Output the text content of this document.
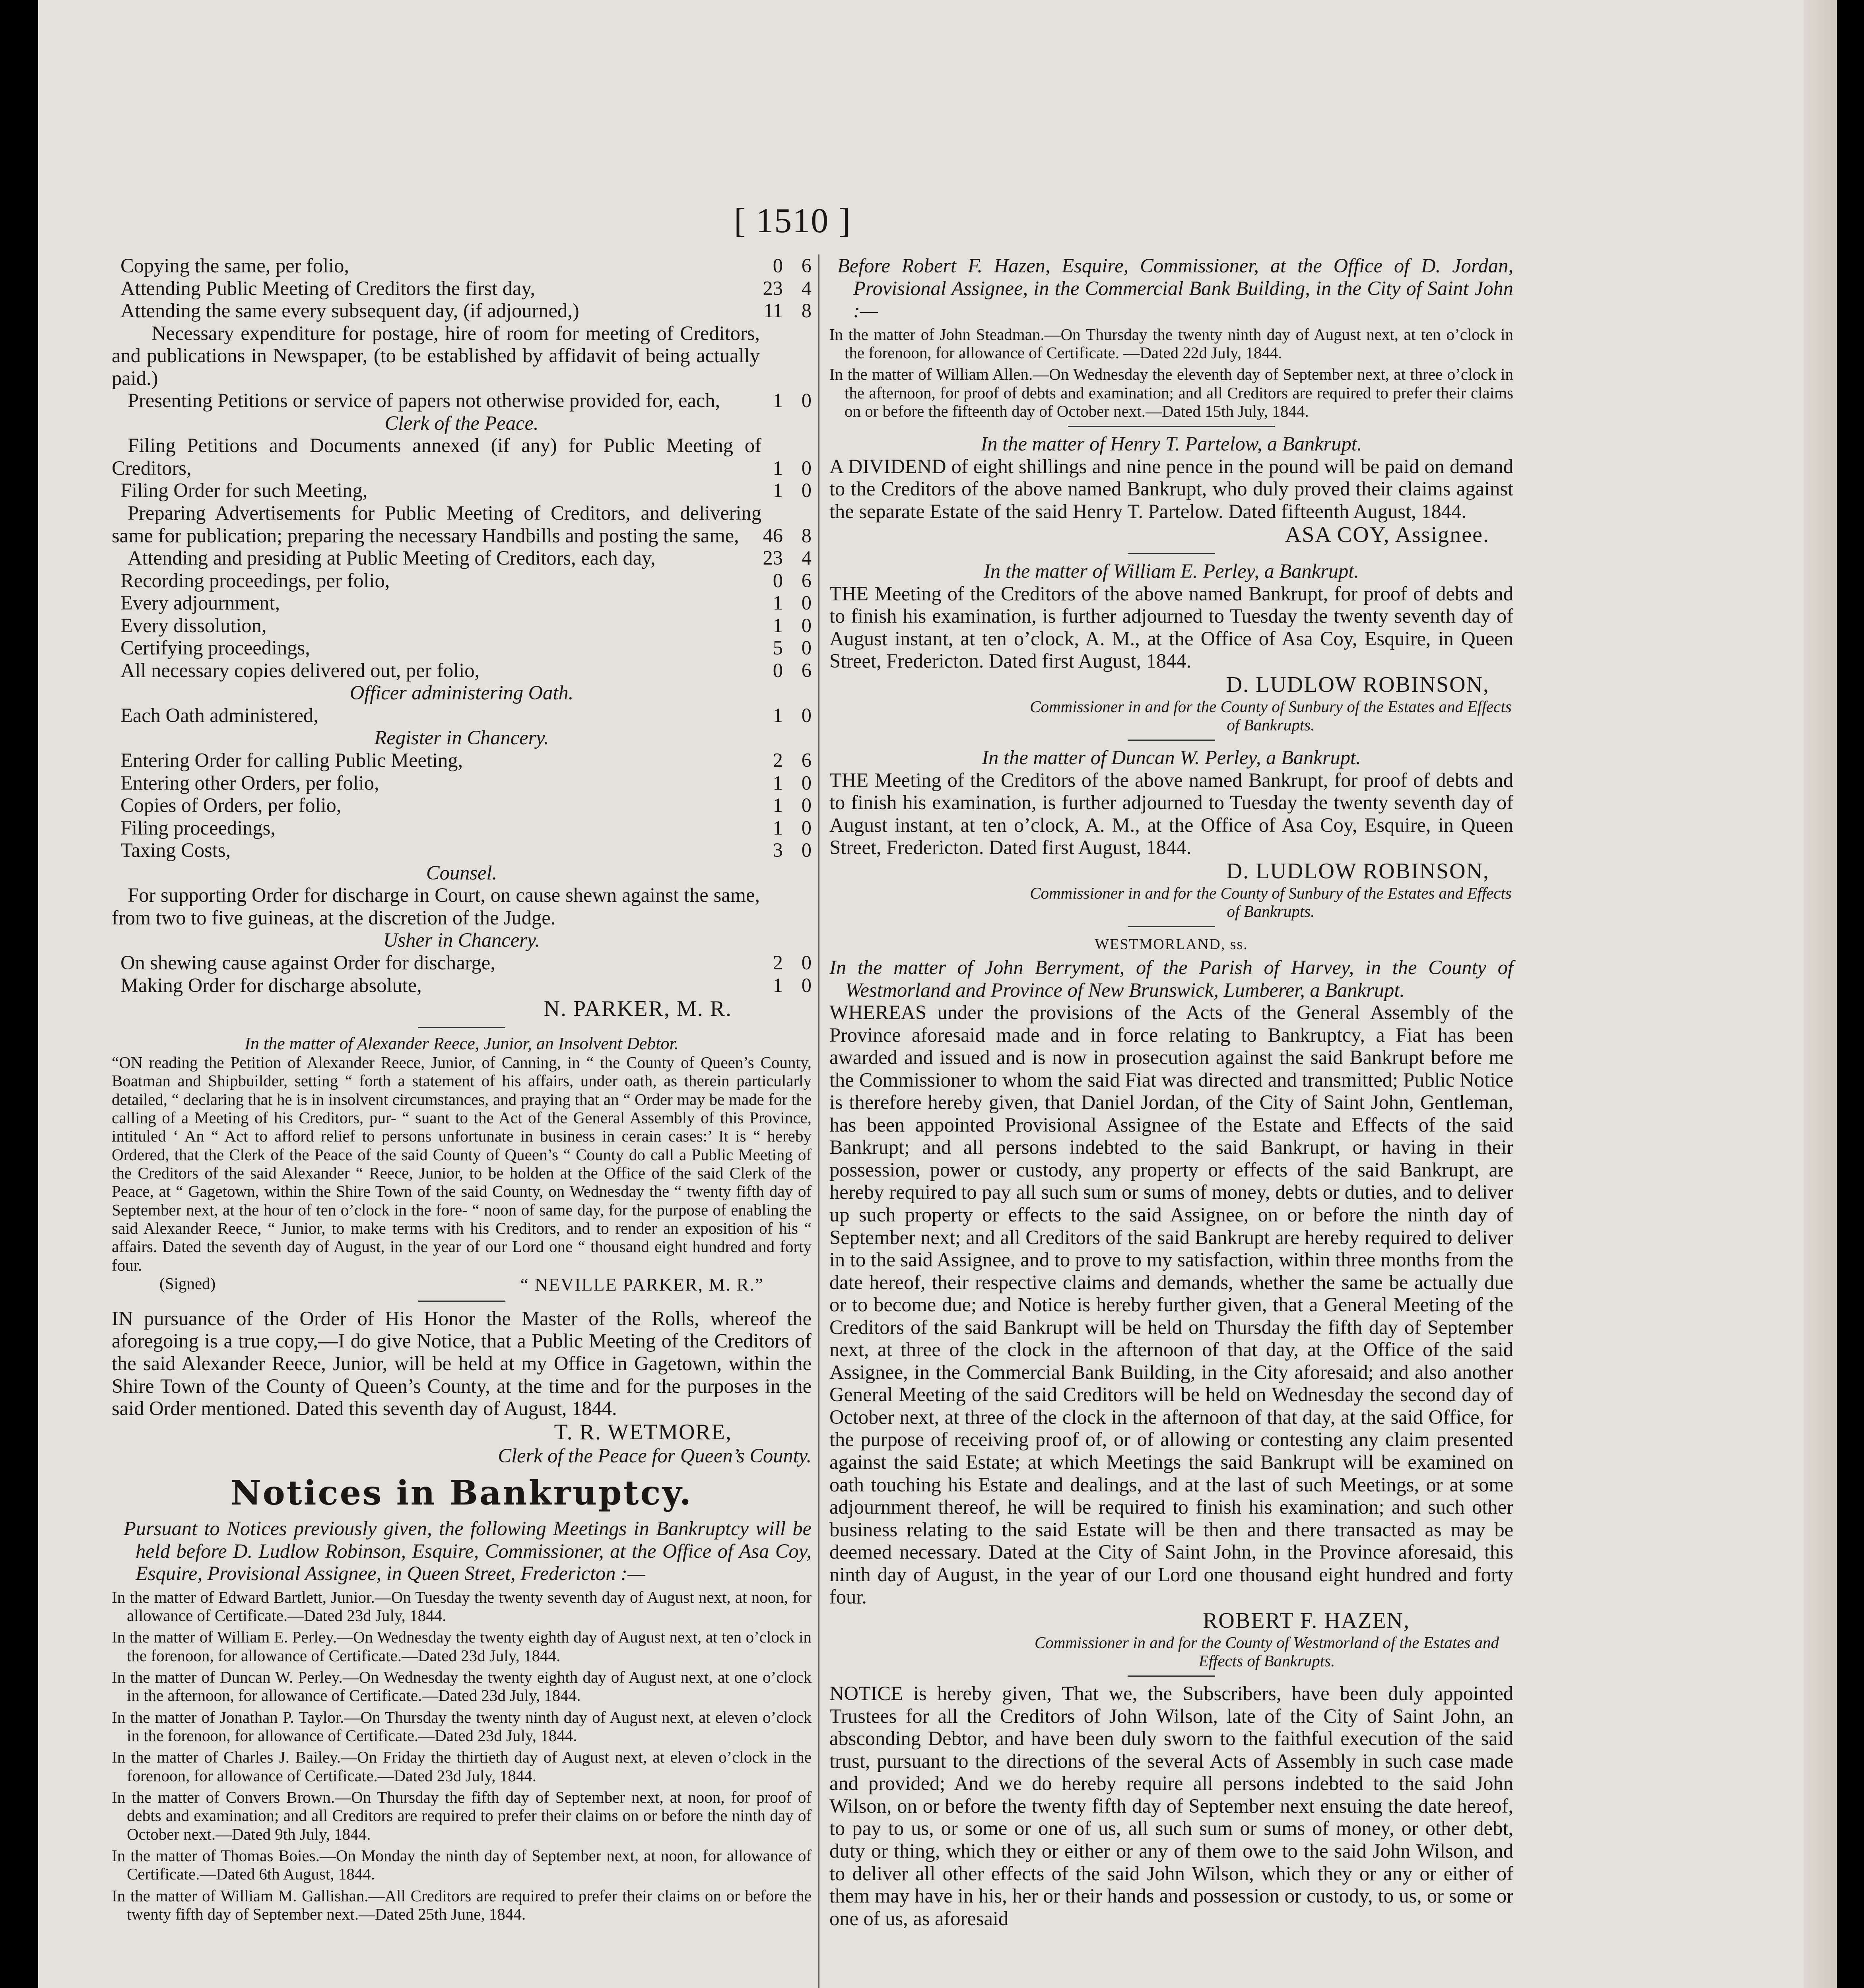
[ 1510 ]
Copying the same, per folio,	0 6
Attending Public Meeting of Creditors the first day,	23 4
Attending the same every subsequent day, (if adjourned,)	11 8
Necessary expenditure for postage, hire of room for meeting of Creditors, and publications in Newspaper, (to be established by affidavit of being actually paid.)
Presenting Petitions or service of papers not otherwise provided for, each,	1 0
Clerk of the Peace.
Filing Petitions and Documents annexed (if any) for Public Meeting of Creditors,	1 0
Filing Order for such Meeting,	1 0
Preparing Advertisements for Public Meeting of Creditors, and delivering same for publication; preparing the necessary Handbills and posting the same,	46 8
Attending and presiding at Public Meeting of Creditors, each day,	23 4
Recording proceedings, per folio,	0 6
Every adjournment,	1 0
Every dissolution,	1 0
Certifying proceedings,	5 0
All necessary copies delivered out, per folio,	0 6
Officer administering Oath.
Each Oath administered,	1 0
Register in Chancery.
Entering Order for calling Public Meeting,	2 6
Entering other Orders, per folio,	1 0
Copies of Orders, per folio,	1 0
Filing proceedings,	1 0
Taxing Costs,	3 0
Counsel.
For supporting Order for discharge in Court, on cause shewn against the same, from two to five guineas, at the discretion of the Judge.
Usher in Chancery.
On shewing cause against Order for discharge,	2 0
Making Order for discharge absolute,	1 0
N. PARKER, M. R.
In the matter of Alexander Reece, Junior, an Insolvent Debtor.
“ON reading the Petition of Alexander Reece, Junior, of Canning, in “ the County of Queen’s County, Boatman and Shipbuilder, setting “ forth a statement of his affairs, under oath, as therein particularly detailed, “ declaring that he is in insolvent circumstances, and praying that an “ Order may be made for the calling of a Meeting of his Creditors, pur- “ suant to the Act of the General Assembly of this Province, intituled ‘ An “ Act to afford relief to persons unfortunate in business in cerain cases:’ It is “ hereby Ordered, that the Clerk of the Peace of the said County of Queen’s “ County do call a Public Meeting of the Creditors of the said Alexander “ Reece, Junior, to be holden at the Office of the said Clerk of the Peace, at “ Gagetown, within the Shire Town of the said County, on Wednesday the “ twenty fifth day of September next, at the hour of ten o’clock in the fore- “ noon of same day, for the purpose of enabling the said Alexander Reece, “ Junior, to make terms with his Creditors, and to render an exposition of his “ affairs. Dated the seventh day of August, in the year of our Lord one “ thousand eight hundred and forty four.
(Signed)	“ NEVILLE PARKER, M. R.”
IN pursuance of the Order of His Honor the Master of the Rolls, whereof the aforegoing is a true copy,—I do give Notice, that a Public Meeting of the Creditors of the said Alexander Reece, Junior, will be held at my Office in Gagetown, within the Shire Town of the County of Queen’s County, at the time and for the purposes in the said Order mentioned. Dated this seventh day of August, 1844.
T. R. WETMORE,
Clerk of the Peace for Queen’s County.
Notices in Bankruptcy.
Pursuant to Notices previously given, the following Meetings in Bankruptcy will be held before D. Ludlow Robinson, Esquire, Commissioner, at the Office of Asa Coy, Esquire, Provisional Assignee, in Queen Street, Fredericton :—
In the matter of Edward Bartlett, Junior.—On Tuesday the twenty seventh day of August next, at noon, for allowance of Certificate.—Dated 23d July, 1844.
In the matter of William E. Perley.—On Wednesday the twenty eighth day of August next, at ten o’clock in the forenoon, for allowance of Certificate.—Dated 23d July, 1844.
In the matter of Duncan W. Perley.—On Wednesday the twenty eighth day of August next, at one o’clock in the afternoon, for allowance of Certificate.—Dated 23d July, 1844.
In the matter of Jonathan P. Taylor.—On Thursday the twenty ninth day of August next, at eleven o’clock in the forenoon, for allowance of Certificate.—Dated 23d July, 1844.
In the matter of Charles J. Bailey.—On Friday the thirtieth day of August next, at eleven o’clock in the forenoon, for allowance of Certificate.—Dated 23d July, 1844.
In the matter of Convers Brown.—On Thursday the fifth day of September next, at noon, for proof of debts and examination; and all Creditors are required to prefer their claims on or before the ninth day of October next.—Dated 9th July, 1844.
In the matter of Thomas Boies.—On Monday the ninth day of September next, at noon, for allowance of Certificate.—Dated 6th August, 1844.
In the matter of William M. Gallishan.—All Creditors are required to prefer their claims on or before the twenty fifth day of September next.—Dated 25th June, 1844.
Before Robert F. Hazen, Esquire, Commissioner, at the Office of D. Jordan, Provisional Assignee, in the Commercial Bank Building, in the City of Saint John :—
In the matter of John Steadman.—On Thursday the twenty ninth day of August next, at ten o’clock in the forenoon, for allowance of Certificate. —Dated 22d July, 1844.
In the matter of William Allen.—On Wednesday the eleventh day of September next, at three o’clock in the afternoon, for proof of debts and examination; and all Creditors are required to prefer their claims on or before the fifteenth day of October next.—Dated 15th July, 1844.
In the matter of Henry T. Partelow, a Bankrupt.
A DIVIDEND of eight shillings and nine pence in the pound will be paid on demand to the Creditors of the above named Bankrupt, who duly proved their claims against the separate Estate of the said Henry T. Partelow. Dated fifteenth August, 1844.
ASA COY, Assignee.
In the matter of William E. Perley, a Bankrupt.
THE Meeting of the Creditors of the above named Bankrupt, for proof of debts and to finish his examination, is further adjourned to Tuesday the twenty seventh day of August instant, at ten o’clock, A. M., at the Office of Asa Coy, Esquire, in Queen Street, Fredericton. Dated first August, 1844.
D. LUDLOW ROBINSON,
Commissioner in and for the County of Sunbury of the Estates and Effects of Bankrupts.
In the matter of Duncan W. Perley, a Bankrupt.
THE Meeting of the Creditors of the above named Bankrupt, for proof of debts and to finish his examination, is further adjourned to Tuesday the twenty seventh day of August instant, at ten o’clock, A. M., at the Office of Asa Coy, Esquire, in Queen Street, Fredericton. Dated first August, 1844.
D. LUDLOW ROBINSON,
Commissioner in and for the County of Sunbury of the Estates and Effects of Bankrupts.
WESTMORLAND, ss.
In the matter of John Berryment, of the Parish of Harvey, in the County of Westmorland and Province of New Brunswick, Lumberer, a Bankrupt.
WHEREAS under the provisions of the Acts of the General Assembly of the Province aforesaid made and in force relating to Bankruptcy, a Fiat has been awarded and issued and is now in prosecution against the said Bankrupt before me the Commissioner to whom the said Fiat was directed and transmitted; Public Notice is therefore hereby given, that Daniel Jordan, of the City of Saint John, Gentleman, has been appointed Provisional Assignee of the Estate and Effects of the said Bankrupt; and all persons indebted to the said Bankrupt, or having in their possession, power or custody, any property or effects of the said Bankrupt, are hereby required to pay all such sum or sums of money, debts or duties, and to deliver up such property or effects to the said Assignee, on or before the ninth day of September next; and all Creditors of the said Bankrupt are hereby required to deliver in to the said Assignee, and to prove to my satisfaction, within three months from the date hereof, their respective claims and demands, whether the same be actually due or to become due; and Notice is hereby further given, that a General Meeting of the Creditors of the said Bankrupt will be held on Thursday the fifth day of September next, at three of the clock in the afternoon of that day, at the Office of the said Assignee, in the Commercial Bank Building, in the City aforesaid; and also another General Meeting of the said Creditors will be held on Wednesday the second day of October next, at three of the clock in the afternoon of that day, at the said Office, for the purpose of receiving proof of, or of allowing or contesting any claim presented against the said Estate; at which Meetings the said Bankrupt will be examined on oath touching his Estate and dealings, and at the last of such Meetings, or at some adjournment thereof, he will be required to finish his examination; and such other business relating to the said Estate will be then and there transacted as may be deemed necessary. Dated at the City of Saint John, in the Province aforesaid, this ninth day of August, in the year of our Lord one thousand eight hundred and forty four.
ROBERT F. HAZEN,
Commissioner in and for the County of Westmorland of the Estates and Effects of Bankrupts.
NOTICE is hereby given, That we, the Subscribers, have been duly appointed Trustees for all the Creditors of John Wilson, late of the City of Saint John, an absconding Debtor, and have been duly sworn to the faithful execution of the said trust, pursuant to the directions of the several Acts of Assembly in such case made and provided; And we do hereby require all persons indebted to the said John Wilson, on or before the twenty fifth day of September next ensuing the date hereof, to pay to us, or some or one of us, all such sum or sums of money, or other debt, duty or thing, which they or either or any of them owe to the said John Wilson, and to deliver all other effects of the said John Wilson, which they or any or either of them may have in his, her or their hands and possession or custody, to us, or some or one of us, as aforesaid
